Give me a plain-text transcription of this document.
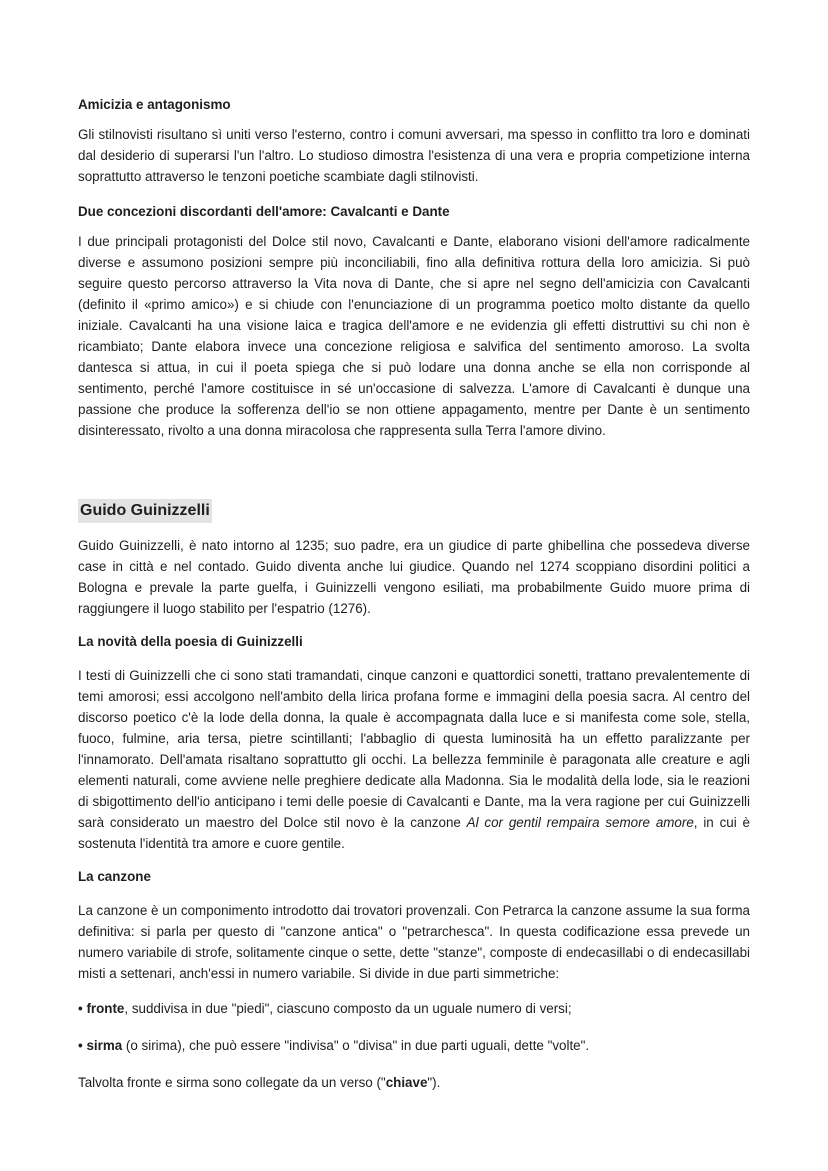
Amicizia e antagonismo

Gli stilnovisti risultano sì uniti verso l'esterno, contro i comuni avversari, ma spesso in conflitto tra loro e dominati dal desiderio di superarsi l'un l'altro. Lo studioso dimostra l'esistenza di una vera e propria competizione interna soprattutto attraverso le tenzoni poetiche scambiate dagli stilnovisti.

Due concezioni discordanti dell'amore: Cavalcanti e Dante

I due principali protagonisti del Dolce stil novo, Cavalcanti e Dante, elaborano visioni dell'amore radicalmente diverse e assumono posizioni sempre più inconciliabili, fino alla definitiva rottura della loro amicizia. Si può seguire questo percorso attraverso la Vita nova di Dante, che si apre nel segno dell'amicizia con Cavalcanti (definito il «primo amico») e si chiude con l'enunciazione di un programma poetico molto distante da quello iniziale. Cavalcanti ha una visione laica e tragica dell'amore e ne evidenzia gli effetti distruttivi su chi non è ricambiato; Dante elabora invece una concezione religiosa e salvifica del sentimento amoroso. La svolta dantesca si attua, in cui il poeta spiega che si può lodare una donna anche se ella non corrisponde al sentimento, perché l'amore costituisce in sé un'occasione di salvezza. L'amore di Cavalcanti è dunque una passione che produce la sofferenza dell'io se non ottiene appagamento, mentre per Dante è un sentimento disinteressato, rivolto a una donna miracolosa che rappresenta sulla Terra l'amore divino.

Guido Guinizzelli

Guido Guinizzelli, è nato intorno al 1235; suo padre, era un giudice di parte ghibellina che possedeva diverse case in città e nel contado. Guido diventa anche lui giudice. Quando nel 1274 scoppiano disordini politici a Bologna e prevale la parte guelfa, i Guinizzelli vengono esiliati, ma probabilmente Guido muore prima di raggiungere il luogo stabilito per l'espatrio (1276).

La novità della poesia di Guinizzelli

I testi di Guinizzelli che ci sono stati tramandati, cinque canzoni e quattordici sonetti, trattano prevalentemente di temi amorosi; essi accolgono nell'ambito della lirica profana forme e immagini della poesia sacra. Al centro del discorso poetico c'è la lode della donna, la quale è accompagnata dalla luce e si manifesta come sole, stella, fuoco, fulmine, aria tersa, pietre scintillanti; l'abbaglio di questa luminosità ha un effetto paralizzante per l'innamorato. Dell'amata risaltano soprattutto gli occhi. La bellezza femminile è paragonata alle creature e agli elementi naturali, come avviene nelle preghiere dedicate alla Madonna. Sia le modalità della lode, sia le reazioni di sbigottimento dell'io anticipano i temi delle poesie di Cavalcanti e Dante, ma la vera ragione per cui Guinizzelli sarà considerato un maestro del Dolce stil novo è la canzone Al cor gentil rempaira semore amore, in cui è sostenuta l'identità tra amore e cuore gentile.

La canzone

La canzone è un componimento introdotto dai trovatori provenzali. Con Petrarca la canzone assume la sua forma definitiva: si parla per questo di "canzone antica" o "petrarchesca". In questa codificazione essa prevede un numero variabile di strofe, solitamente cinque o sette, dette "stanze", composte di endecasillabi o di endecasillabi misti a settenari, anch'essi in numero variabile. Si divide in due parti simmetriche:

• fronte, suddivisa in due "piedi", ciascuno composto da un uguale numero di versi;

• sirma (o sirima), che può essere "indivisa" o "divisa" in due parti uguali, dette "volte".

Talvolta fronte e sirma sono collegate da un verso ("chiave").
